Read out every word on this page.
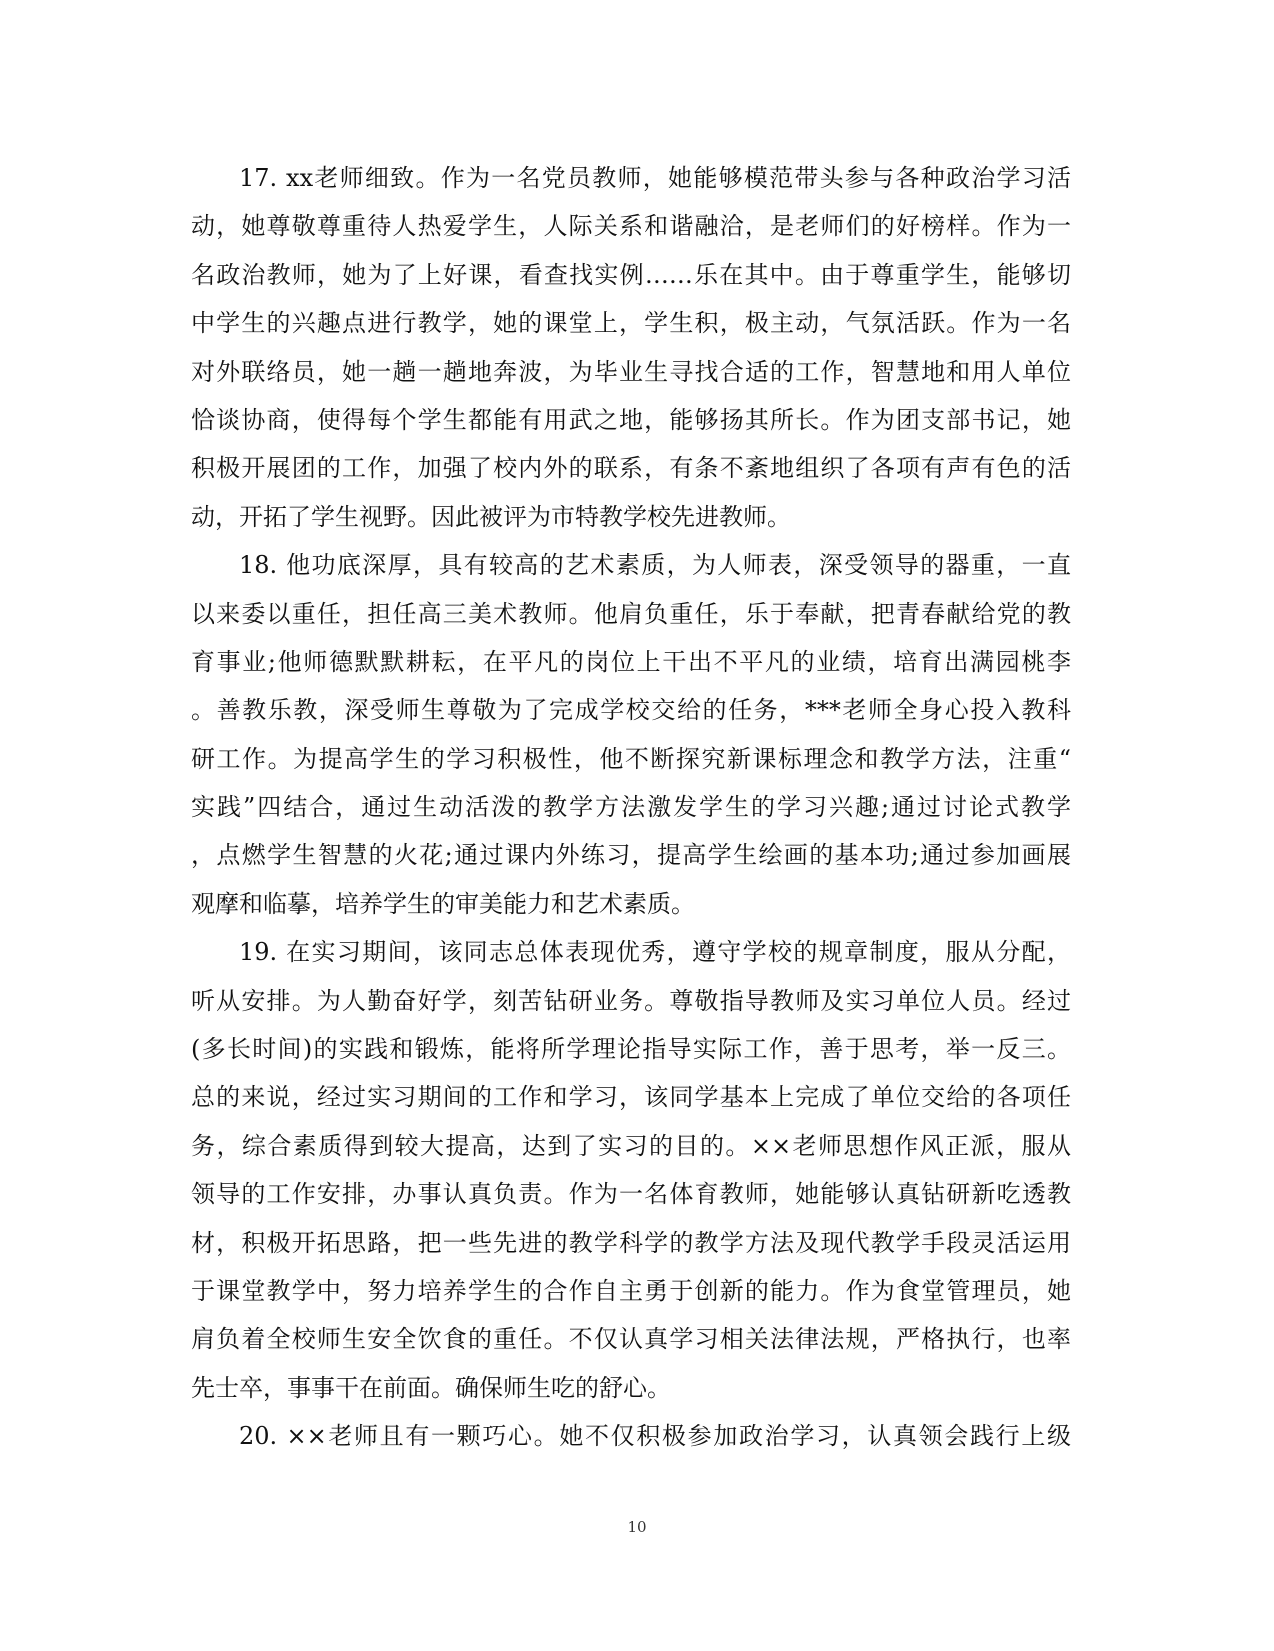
17. xx老师细致。作为一名党员教师，她能够模范带头参与各种政治学习活
动，她尊敬尊重待人热爱学生，人际关系和谐融洽，是老师们的好榜样。作为一
名政治教师，她为了上好课，看查找实例……乐在其中。由于尊重学生，能够切
中学生的兴趣点进行教学，她的课堂上，学生积，极主动，气氛活跃。作为一名
对外联络员，她一趟一趟地奔波，为毕业生寻找合适的工作，智慧地和用人单位
恰谈协商，使得每个学生都能有用武之地，能够扬其所长。作为团支部书记，她
积极开展团的工作，加强了校内外的联系，有条不紊地组织了各项有声有色的活
动，开拓了学生视野。因此被评为市特教学校先进教师。
18. 他功底深厚，具有较高的艺术素质，为人师表，深受领导的器重，一直
以来委以重任，担任高三美术教师。他肩负重任，乐于奉献，把青春献给党的教
育事业;他师德默默耕耘，在平凡的岗位上干出不平凡的业绩，培育出满园桃李
。善教乐教，深受师生尊敬为了完成学校交给的任务，***老师全身心投入教科
研工作。为提高学生的学习积极性，他不断探究新课标理念和教学方法，注重“
实践”四结合，通过生动活泼的教学方法激发学生的学习兴趣;通过讨论式教学
，点燃学生智慧的火花;通过课内外练习，提高学生绘画的基本功;通过参加画展
观摩和临摹，培养学生的审美能力和艺术素质。
19. 在实习期间，该同志总体表现优秀，遵守学校的规章制度，服从分配，
听从安排。为人勤奋好学，刻苦钻研业务。尊敬指导教师及实习单位人员。经过
(多长时间)的实践和锻炼，能将所学理论指导实际工作，善于思考，举一反三。
总的来说，经过实习期间的工作和学习，该同学基本上完成了单位交给的各项任
务，综合素质得到较大提高，达到了实习的目的。××老师思想作风正派，服从
领导的工作安排，办事认真负责。作为一名体育教师，她能够认真钻研新吃透教
材，积极开拓思路，把一些先进的教学科学的教学方法及现代教学手段灵活运用
于课堂教学中，努力培养学生的合作自主勇于创新的能力。作为食堂管理员，她
肩负着全校师生安全饮食的重任。不仅认真学习相关法律法规，严格执行，也率
先士卒，事事干在前面。确保师生吃的舒心。
20. ××老师且有一颗巧心。她不仅积极参加政治学习，认真领会践行上级
10
